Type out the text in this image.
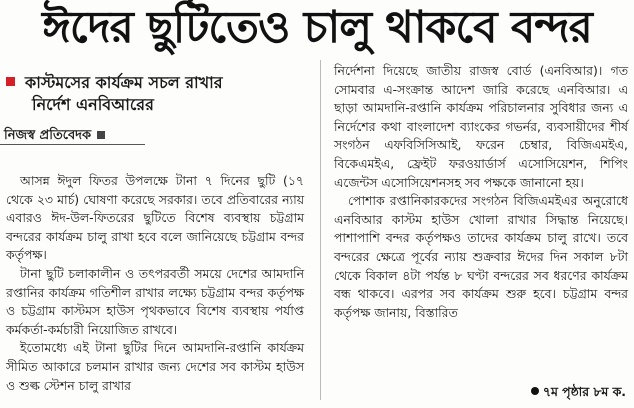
ঈদের ছুটিতেও চালু থাকবে বন্দর
কাস্টমসের কার্যক্রম সচল রাখার
নির্দেশ এনবিআরের
নিজস্ব প্রতিবেদক

আসন্ন ঈদুল ফিতর উপলক্ষে টানা ৭ দিনের ছুটি (১৭ থেকে ২৩ মার্চ) ঘোষণা করেছে সরকার। তবে প্রতিবারের ন্যায় এবারও ঈদ-উল-ফিতরের ছুটিতে বিশেষ ব্যবস্থায় চট্টগ্রাম বন্দরের কার্যক্রম চালু রাখা হবে বলে জানিয়েছে চট্টগ্রাম বন্দর কর্তৃপক্ষ।

টানা ছুটি চলাকালীন ও তৎপরবর্তী সময়ে দেশের আমদানি রপ্তানির কার্যক্রম গতিশীল রাখার লক্ষ্যে চট্টগ্রাম বন্দর কর্তৃপক্ষ ও চট্টগ্রাম কাস্টমস হাউস পৃথকভাবে বিশেষ ব্যবস্থায় পর্যাপ্ত কর্মকর্তা-কর্মচারী নিয়োজিত রাখবে।

ইতোমধ্যে এই টানা ছুটির দিনে আমদানি-রপ্তানি কার্যক্রম সীমিত আকারে চলমান রাখার জন্য দেশের সব কাস্টম হাউস ও শুল্ক স্টেশন চালু রাখার

নির্দেশনা দিয়েছে জাতীয় রাজস্ব বোর্ড (এনবিআর)। গত সোমবার এ-সংক্রান্ত আদেশ জারি করেছে এনবিআর। এ ছাড়া আমদানি-রপ্তানি কার্যক্রম পরিচালনার সুবিধার জন্য এ নির্দেশের কথা বাংলাদেশ ব্যাংকের গভর্নর, ব্যবসায়ীদের শীর্ষ সংগঠন এফবিসিসিআই, ফরেন চেম্বার, বিজিএমইএ, বিকেএমইএ, ফ্রেইট ফরওয়ার্ডার্স এসোসিয়েশন, শিপিং এজেন্টস এসোসিয়েশনসহ সব পক্ষকে জানানো হয়।

পোশাক রপ্তানিকারকদের সংগঠন বিজিএমইএর অনুরোধে এনবিআর কাস্টম হাউস খোলা রাখার সিদ্ধান্ত নিয়েছে। পাশাপাশি বন্দর কর্তৃপক্ষও তাদের কার্যক্রম চালু রাখে। তবে বন্দরের ক্ষেত্রে পূর্বের ন্যায় শুক্রবার ঈদের দিন সকাল ৮টা থেকে বিকাল ৪টা পর্যন্ত ৮ ঘণ্টা বন্দরের সব ধরণের কার্যক্রম বন্ধ থাকবে। এরপর সব কার্যক্রম শুরু হবে। চট্টগ্রাম বন্দর কর্তৃপক্ষ জানায়, বিস্তারিত

৭ম পৃষ্ঠার ৮ম ক.
